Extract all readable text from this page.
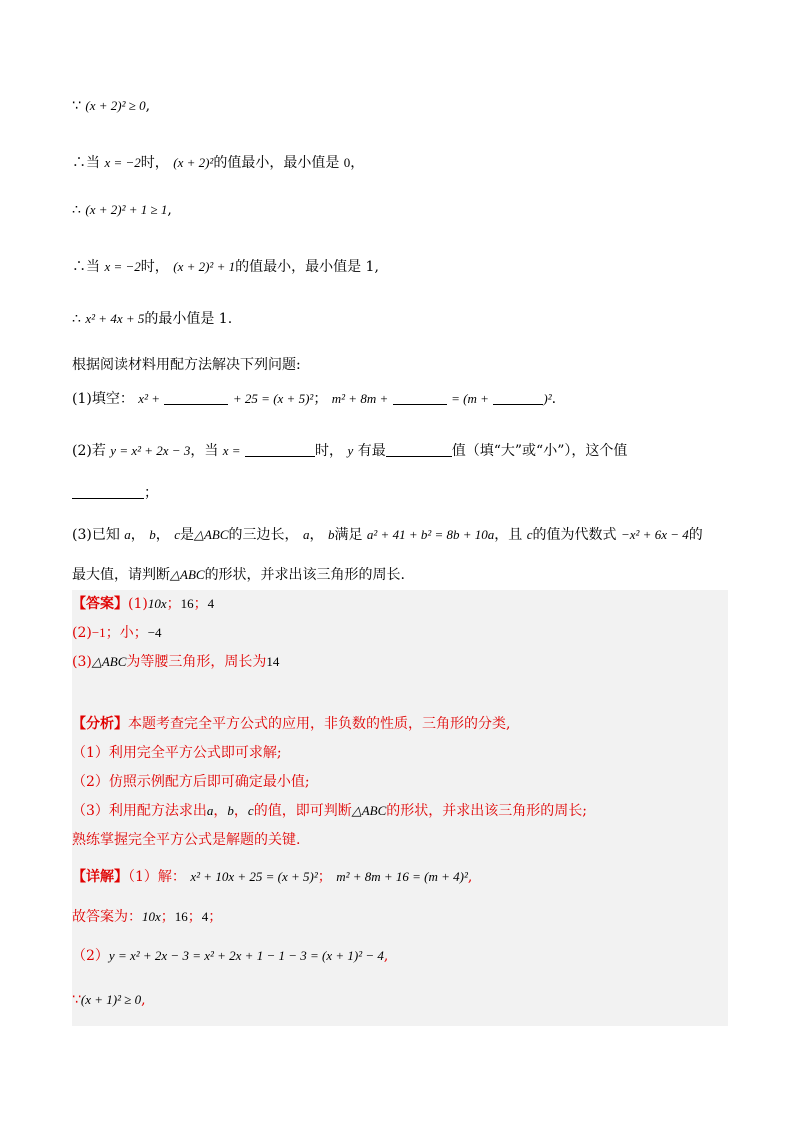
∵ (x + 2)² ≥ 0,
∴当 x = −2时， (x + 2)²的值最小，最小值是 0，
∴ (x + 2)² + 1 ≥ 1,
∴当 x = −2时， (x + 2)² + 1的值最小，最小值是 1,
∴ x² + 4x + 5的最小值是 1.
根据阅读材料用配方法解决下列问题:
(1)填空： x² +	+ 25 = (x + 5)²； m² + 8m +	= (m +	)².
(2)若 y = x² + 2x − 3，当 x =	时， y 有最	值（填“大”或“小”），这个值
；
(3)已知 a， b， c是△ABC的三边长， a， b满足 a² + 41 + b² = 8b + 10a，且 c的值为代数式 −x² + 6x − 4的
最大值，请判断△ABC的形状，并求出该三角形的周长.
【答案】(1)10x；16；4
(2)−1；小；−4
(3)△ABC为等腰三角形，周长为14
【分析】本题考查完全平方公式的应用，非负数的性质，三角形的分类,
（1）利用完全平方公式即可求解;
（2）仿照示例配方后即可确定最小值;
（3）利用配方法求出a，b，c的值，即可判断△ABC的形状，并求出该三角形的周长;
熟练掌握完全平方公式是解题的关键.
【详解】（1）解： x² + 10x + 25 = (x + 5)²； m² + 8m + 16 = (m + 4)²,
故答案为：10x；16；4；
（2）y = x² + 2x − 3 = x² + 2x + 1 − 1 − 3 = (x + 1)² − 4,
∵(x + 1)² ≥ 0,
